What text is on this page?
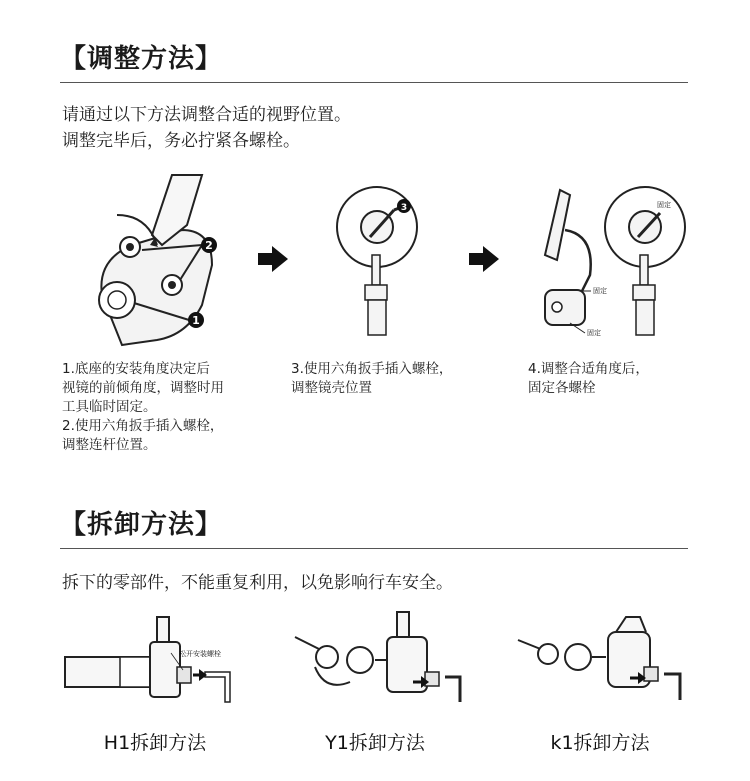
【调整方法】
请通过以下方法调整合适的视野位置。
调整完毕后，务必拧紧各螺栓。
2
1
3
固定
固定
固定
1.底座的安装角度决定后
视镜的前倾角度，调整时用
工具临时固定。
2.使用六角扳手插入螺栓，
调整连杆位置。
3.使用六角扳手插入螺栓，
调整镜壳位置
4.调整合适角度后，
固定各螺栓
【拆卸方法】
拆下的零部件，不能重复利用，以免影响行车安全。
松开安装螺栓
H1拆卸方法	Y1拆卸方法	k1拆卸方法
